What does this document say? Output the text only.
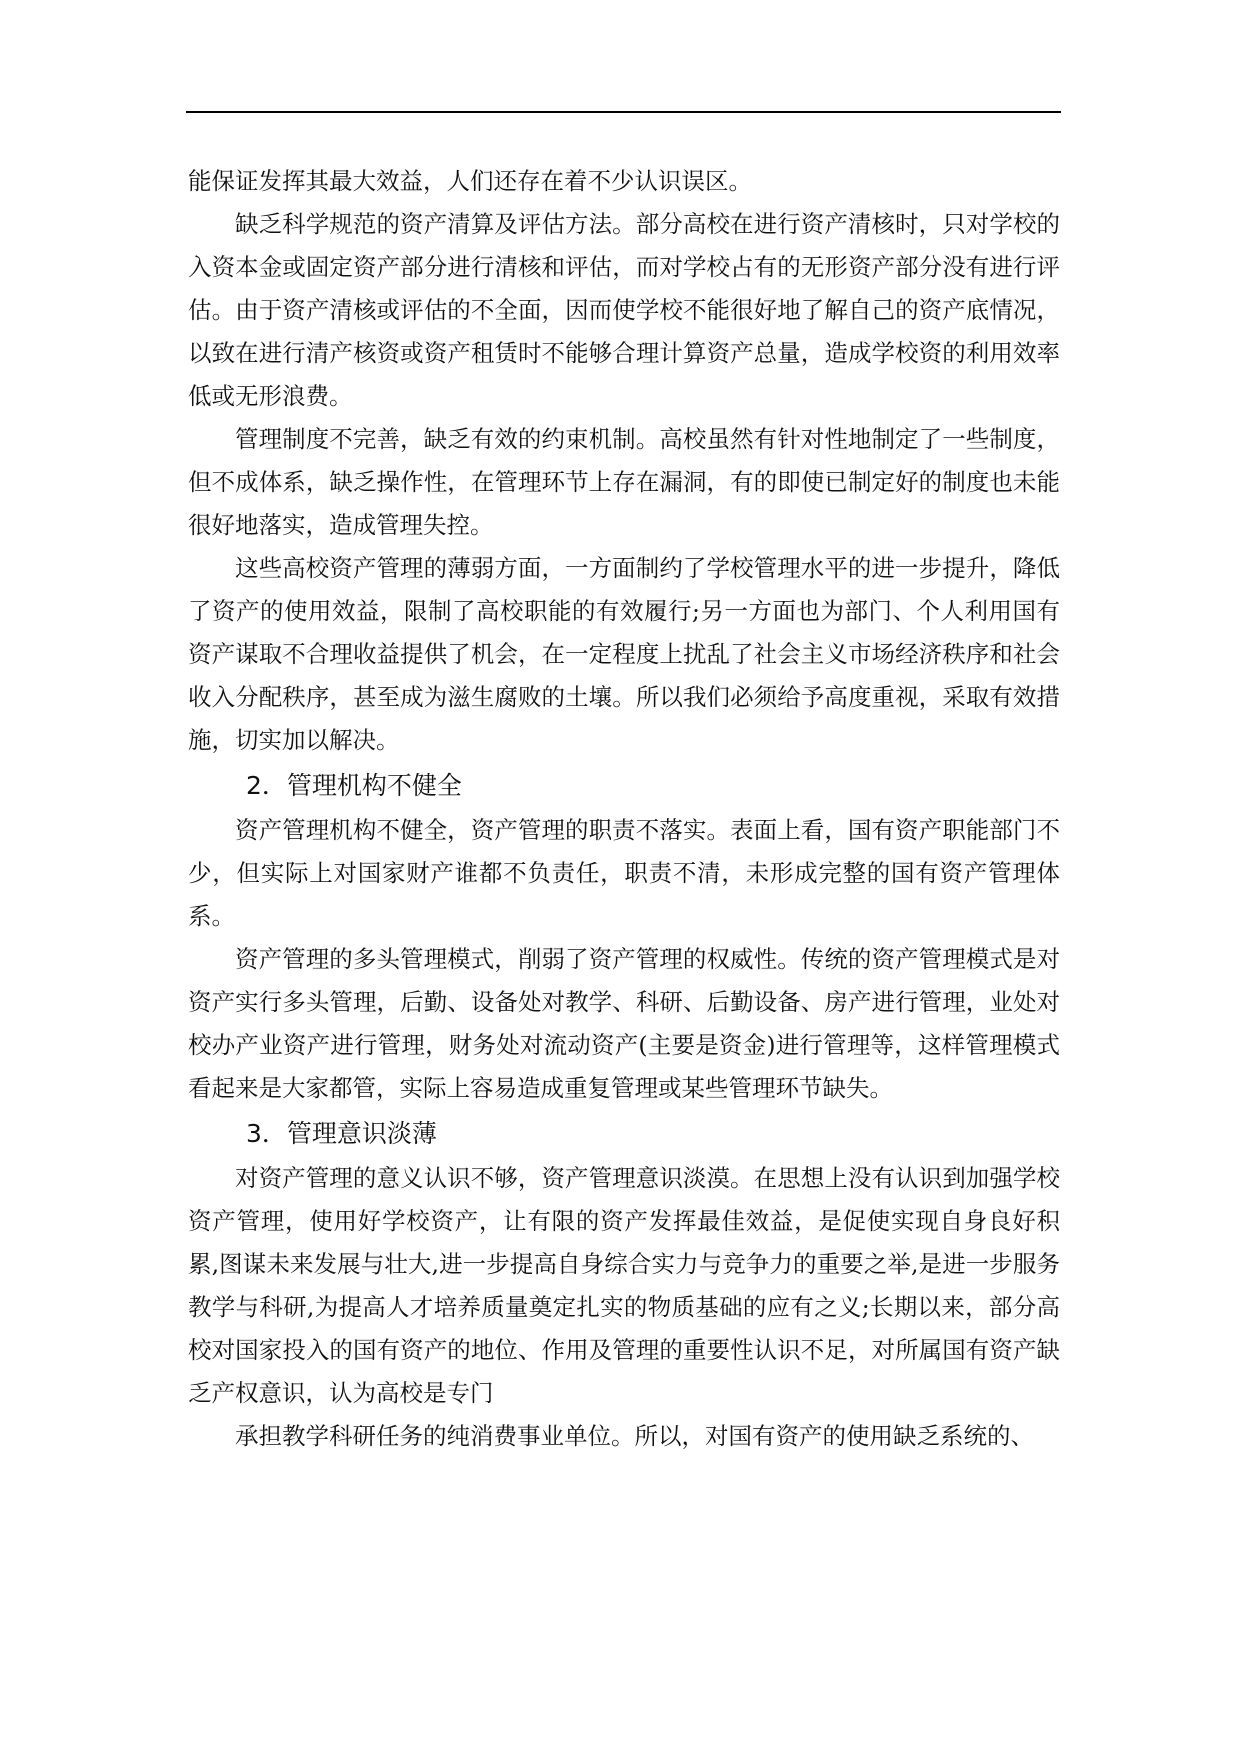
能保证发挥其最大效益，人们还存在着不少认识误区。

缺乏科学规范的资产清算及评估方法。部分高校在进行资产清核时，只对学校的入资本金或固定资产部分进行清核和评估，而对学校占有的无形资产部分没有进行评估。由于资产清核或评估的不全面，因而使学校不能很好地了解自己的资产底情况，以致在进行清产核资或资产租赁时不能够合理计算资产总量，造成学校资的利用效率低或无形浪费。

管理制度不完善，缺乏有效的约束机制。高校虽然有针对性地制定了一些制度，但不成体系，缺乏操作性，在管理环节上存在漏洞，有的即使已制定好的制度也未能很好地落实，造成管理失控。

这些高校资产管理的薄弱方面，一方面制约了学校管理水平的进一步提升，降低了资产的使用效益，限制了高校职能的有效履行;另一方面也为部门、个人利用国有资产谋取不合理收益提供了机会，在一定程度上扰乱了社会主义市场经济秩序和社会收入分配秩序，甚至成为滋生腐败的土壤。所以我们必须给予高度重视，采取有效措施，切实加以解决。

2．管理机构不健全

资产管理机构不健全，资产管理的职责不落实。表面上看，国有资产职能部门不少，但实际上对国家财产谁都不负责任，职责不清，未形成完整的国有资产管理体系。

资产管理的多头管理模式，削弱了资产管理的权威性。传统的资产管理模式是对资产实行多头管理，后勤、设备处对教学、科研、后勤设备、房产进行管理，业处对校办产业资产进行管理，财务处对流动资产(主要是资金)进行管理等，这样管理模式看起来是大家都管，实际上容易造成重复管理或某些管理环节缺失。

3．管理意识淡薄

对资产管理的意义认识不够，资产管理意识淡漠。在思想上没有认识到加强学校资产管理，使用好学校资产，让有限的资产发挥最佳效益，是促使实现自身良好积累,图谋未来发展与壮大,进一步提高自身综合实力与竞争力的重要之举,是进一步服务教学与科研,为提高人才培养质量奠定扎实的物质基础的应有之义;长期以来，部分高校对国家投入的国有资产的地位、作用及管理的重要性认识不足，对所属国有资产缺乏产权意识，认为高校是专门

承担教学科研任务的纯消费事业单位。所以，对国有资产的使用缺乏系统的、
